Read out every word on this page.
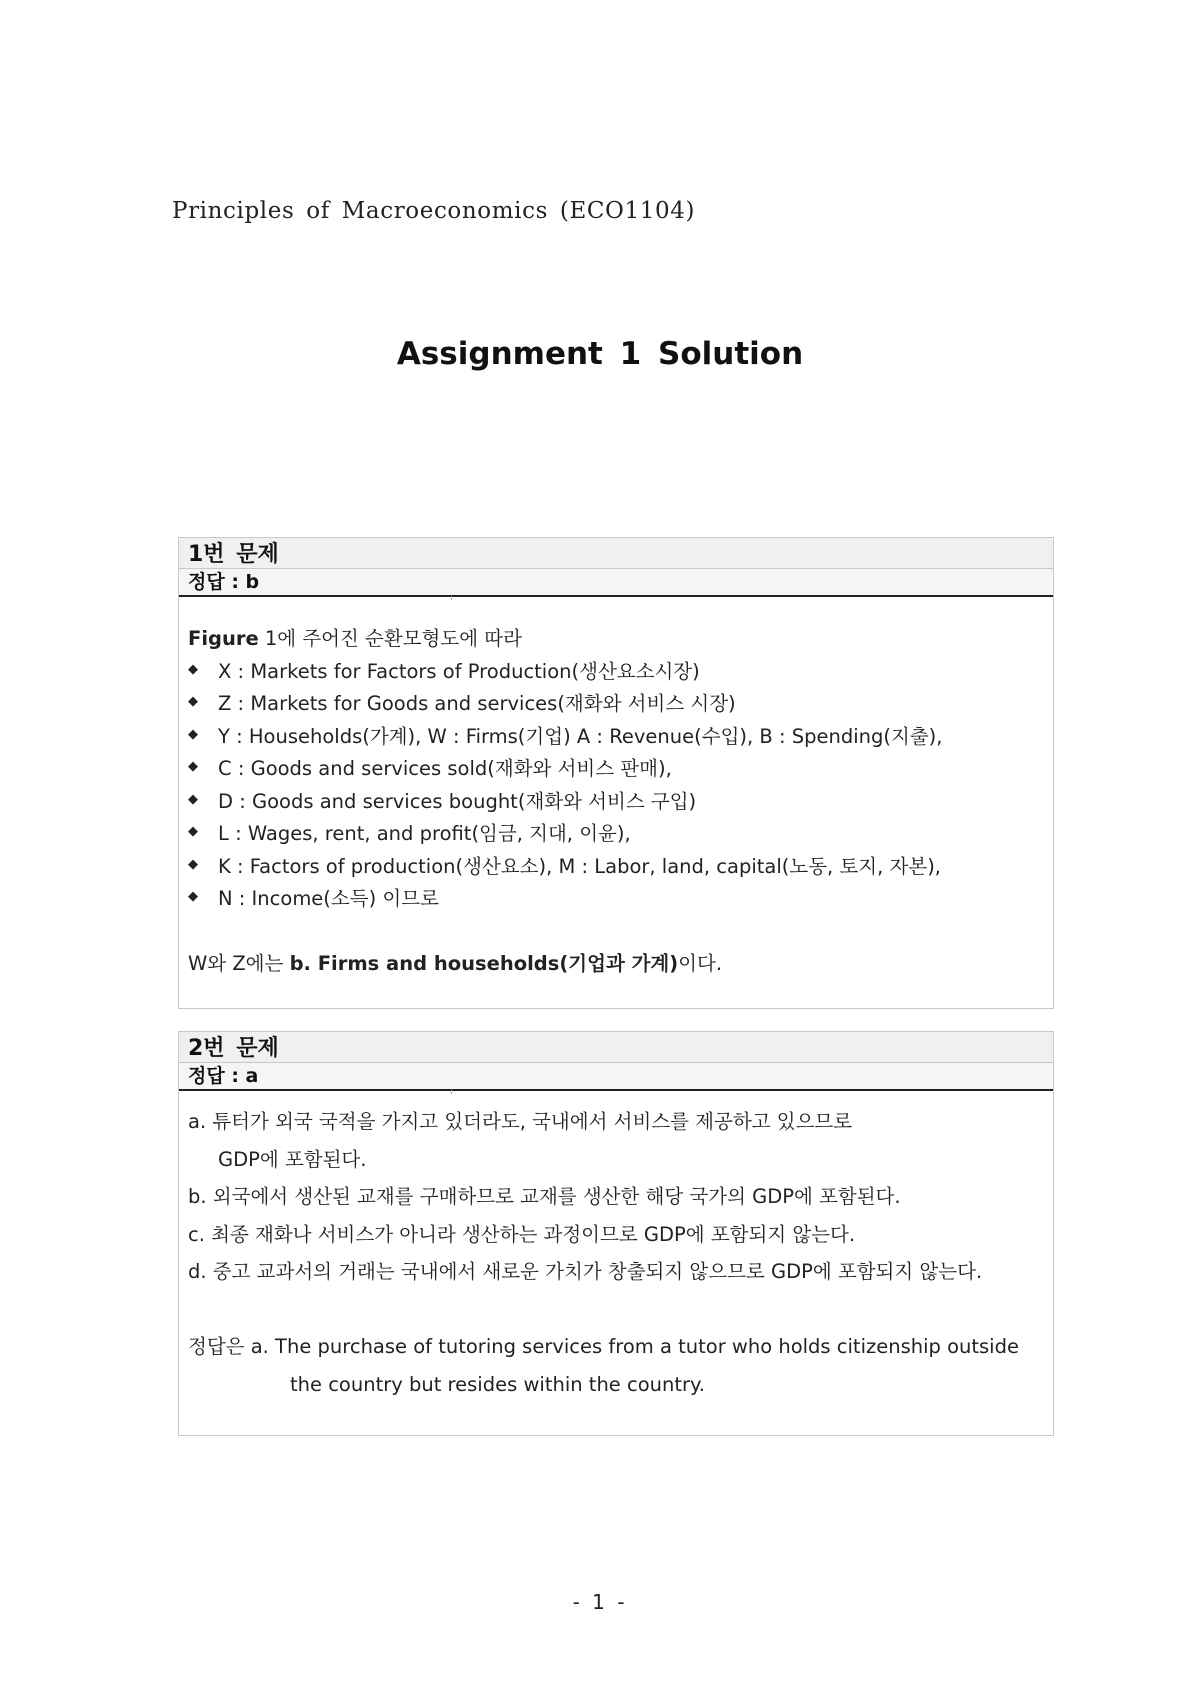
Principles of Macroeconomics (ECO1104)
Assignment 1 Solution
1번 문제
정답 : b
Figure 1에 주어진 순환모형도에 따라
◆ X : Markets for Factors of Production(생산요소시장)
◆ Z : Markets for Goods and services(재화와 서비스 시장)
◆ Y : Households(가계), W : Firms(기업) A : Revenue(수입), B : Spending(지출),
◆ C : Goods and services sold(재화와 서비스 판매),
◆ D : Goods and services bought(재화와 서비스 구입)
◆ L : Wages, rent, and profit(임금, 지대, 이윤),
◆ K : Factors of production(생산요소), M : Labor, land, capital(노동, 토지, 자본),
◆ N : Income(소득) 이므로
W와 Z에는 b. Firms and households(기업과 가계)이다.
2번 문제
정답 : a
a. 튜터가 외국 국적을 가지고 있더라도, 국내에서 서비스를 제공하고 있으므로
GDP에 포함된다.
b. 외국에서 생산된 교재를 구매하므로 교재를 생산한 해당 국가의 GDP에 포함된다.
c. 최종 재화나 서비스가 아니라 생산하는 과정이므로 GDP에 포함되지 않는다.
d. 중고 교과서의 거래는 국내에서 새로운 가치가 창출되지 않으므로 GDP에 포함되지 않는다.
정답은 a. The purchase of tutoring services from a tutor who holds citizenship outside
the country but resides within the country.
- 1 -
